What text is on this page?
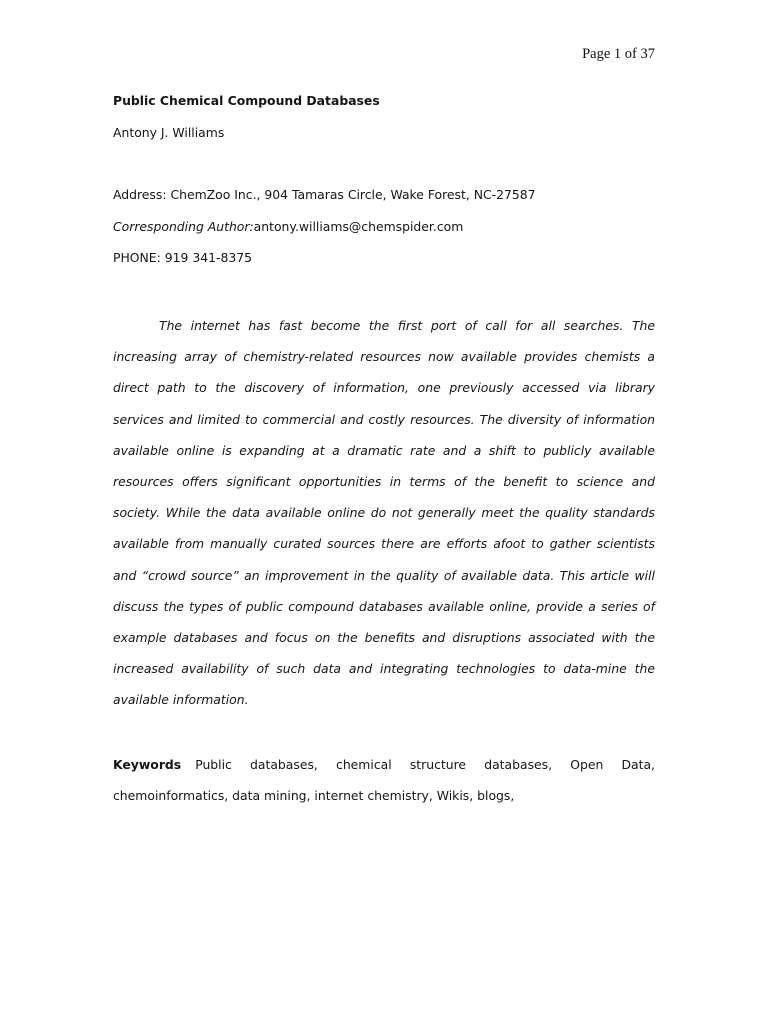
Page 1 of 37
Public Chemical Compound Databases
Antony J. Williams
Address: ChemZoo Inc., 904 Tamaras Circle, Wake Forest, NC-27587
Corresponding Author:antony.williams@chemspider.com
PHONE: 919 341-8375
The internet has fast become the first port of call for all searches. The increasing array of chemistry-related resources now available provides chemists a direct path to the discovery of information, one previously accessed via library services and limited to commercial and costly resources. The diversity of information available online is expanding at a dramatic rate and a shift to publicly available resources offers significant opportunities in terms of the benefit to science and society. While the data available online do not generally meet the quality standards available from manually curated sources there are efforts afoot to gather scientists and “crowd source” an improvement in the quality of available data. This article will discuss the types of public compound databases available online, provide a series of example databases and focus on the benefits and disruptions associated with the increased availability of such data and integrating technologies to data-mine the available information.
Keywords Public databases, chemical structure databases, Open Data, chemoinformatics, data mining, internet chemistry, Wikis, blogs,
